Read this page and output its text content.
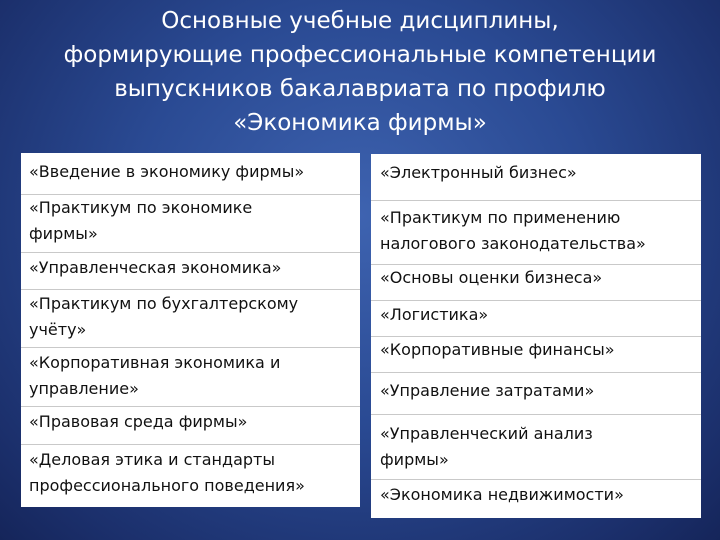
Основные учебные дисциплины,
формирующие профессиональные компетенции
выпускников бакалавриата по профилю
«Экономика фирмы»
«Введение в экономику фирмы»
«Практикум по экономике
фирмы»
«Управленческая экономика»
«Практикум по бухгалтерскому
учёту»
«Корпоративная экономика и
управление»
«Правовая среда фирмы»
«Деловая этика и стандарты
профессионального поведения»
«Электронный бизнес»
«Практикум по применению
налогового законодательства»
«Основы оценки бизнеса»
«Логистика»
«Корпоративные финансы»
«Управление затратами»
«Управленческий анализ
фирмы»
«Экономика недвижимости»
